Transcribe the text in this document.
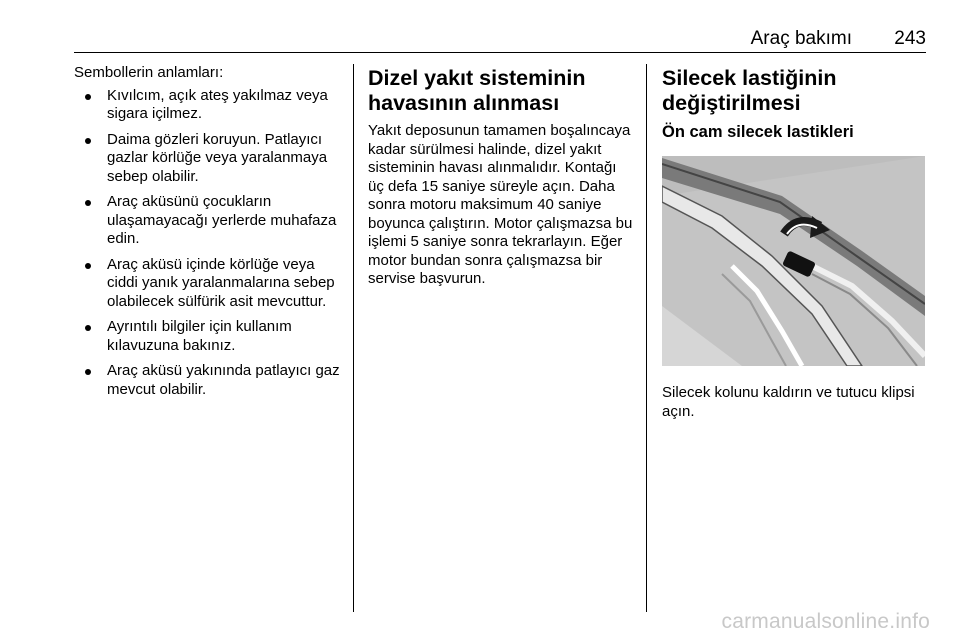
Araç bakımı 243

Sembollerin anlamları:

Kıvılcım, açık ateş yakılmaz veya sigara içilmez.
Daima gözleri koruyun. Patlayıcı gazlar körlüğe veya yaralanmaya sebep olabilir.
Araç aküsünü çocukların ulaşamayacağı yerlerde muhafaza edin.
Araç aküsü içinde körlüğe veya ciddi yanık yaralanmalarına sebep olabilecek sülfürik asit mevcuttur.
Ayrıntılı bilgiler için kullanım kılavuzuna bakınız.
Araç aküsü yakınında patlayıcı gaz mevcut olabilir.
Dizel yakıt sisteminin havasının alınması

Yakıt deposunun tamamen boşalıncaya kadar sürülmesi halinde, dizel yakıt sisteminin havası alınmalıdır. Kontağı üç defa 15 saniye süreyle açın. Daha sonra motoru maksimum 40 saniye boyunca çalıştırın. Motor çalışmazsa bu işlemi 5 saniye sonra tekrarlayın. Eğer motor bundan sonra çalışmazsa bir servise başvurun.

Silecek lastiğinin değiştirilmesi
Ön cam silecek lastikleri

Silecek kolunu kaldırın ve tutucu klipsi açın.

carmanualsonline.info
